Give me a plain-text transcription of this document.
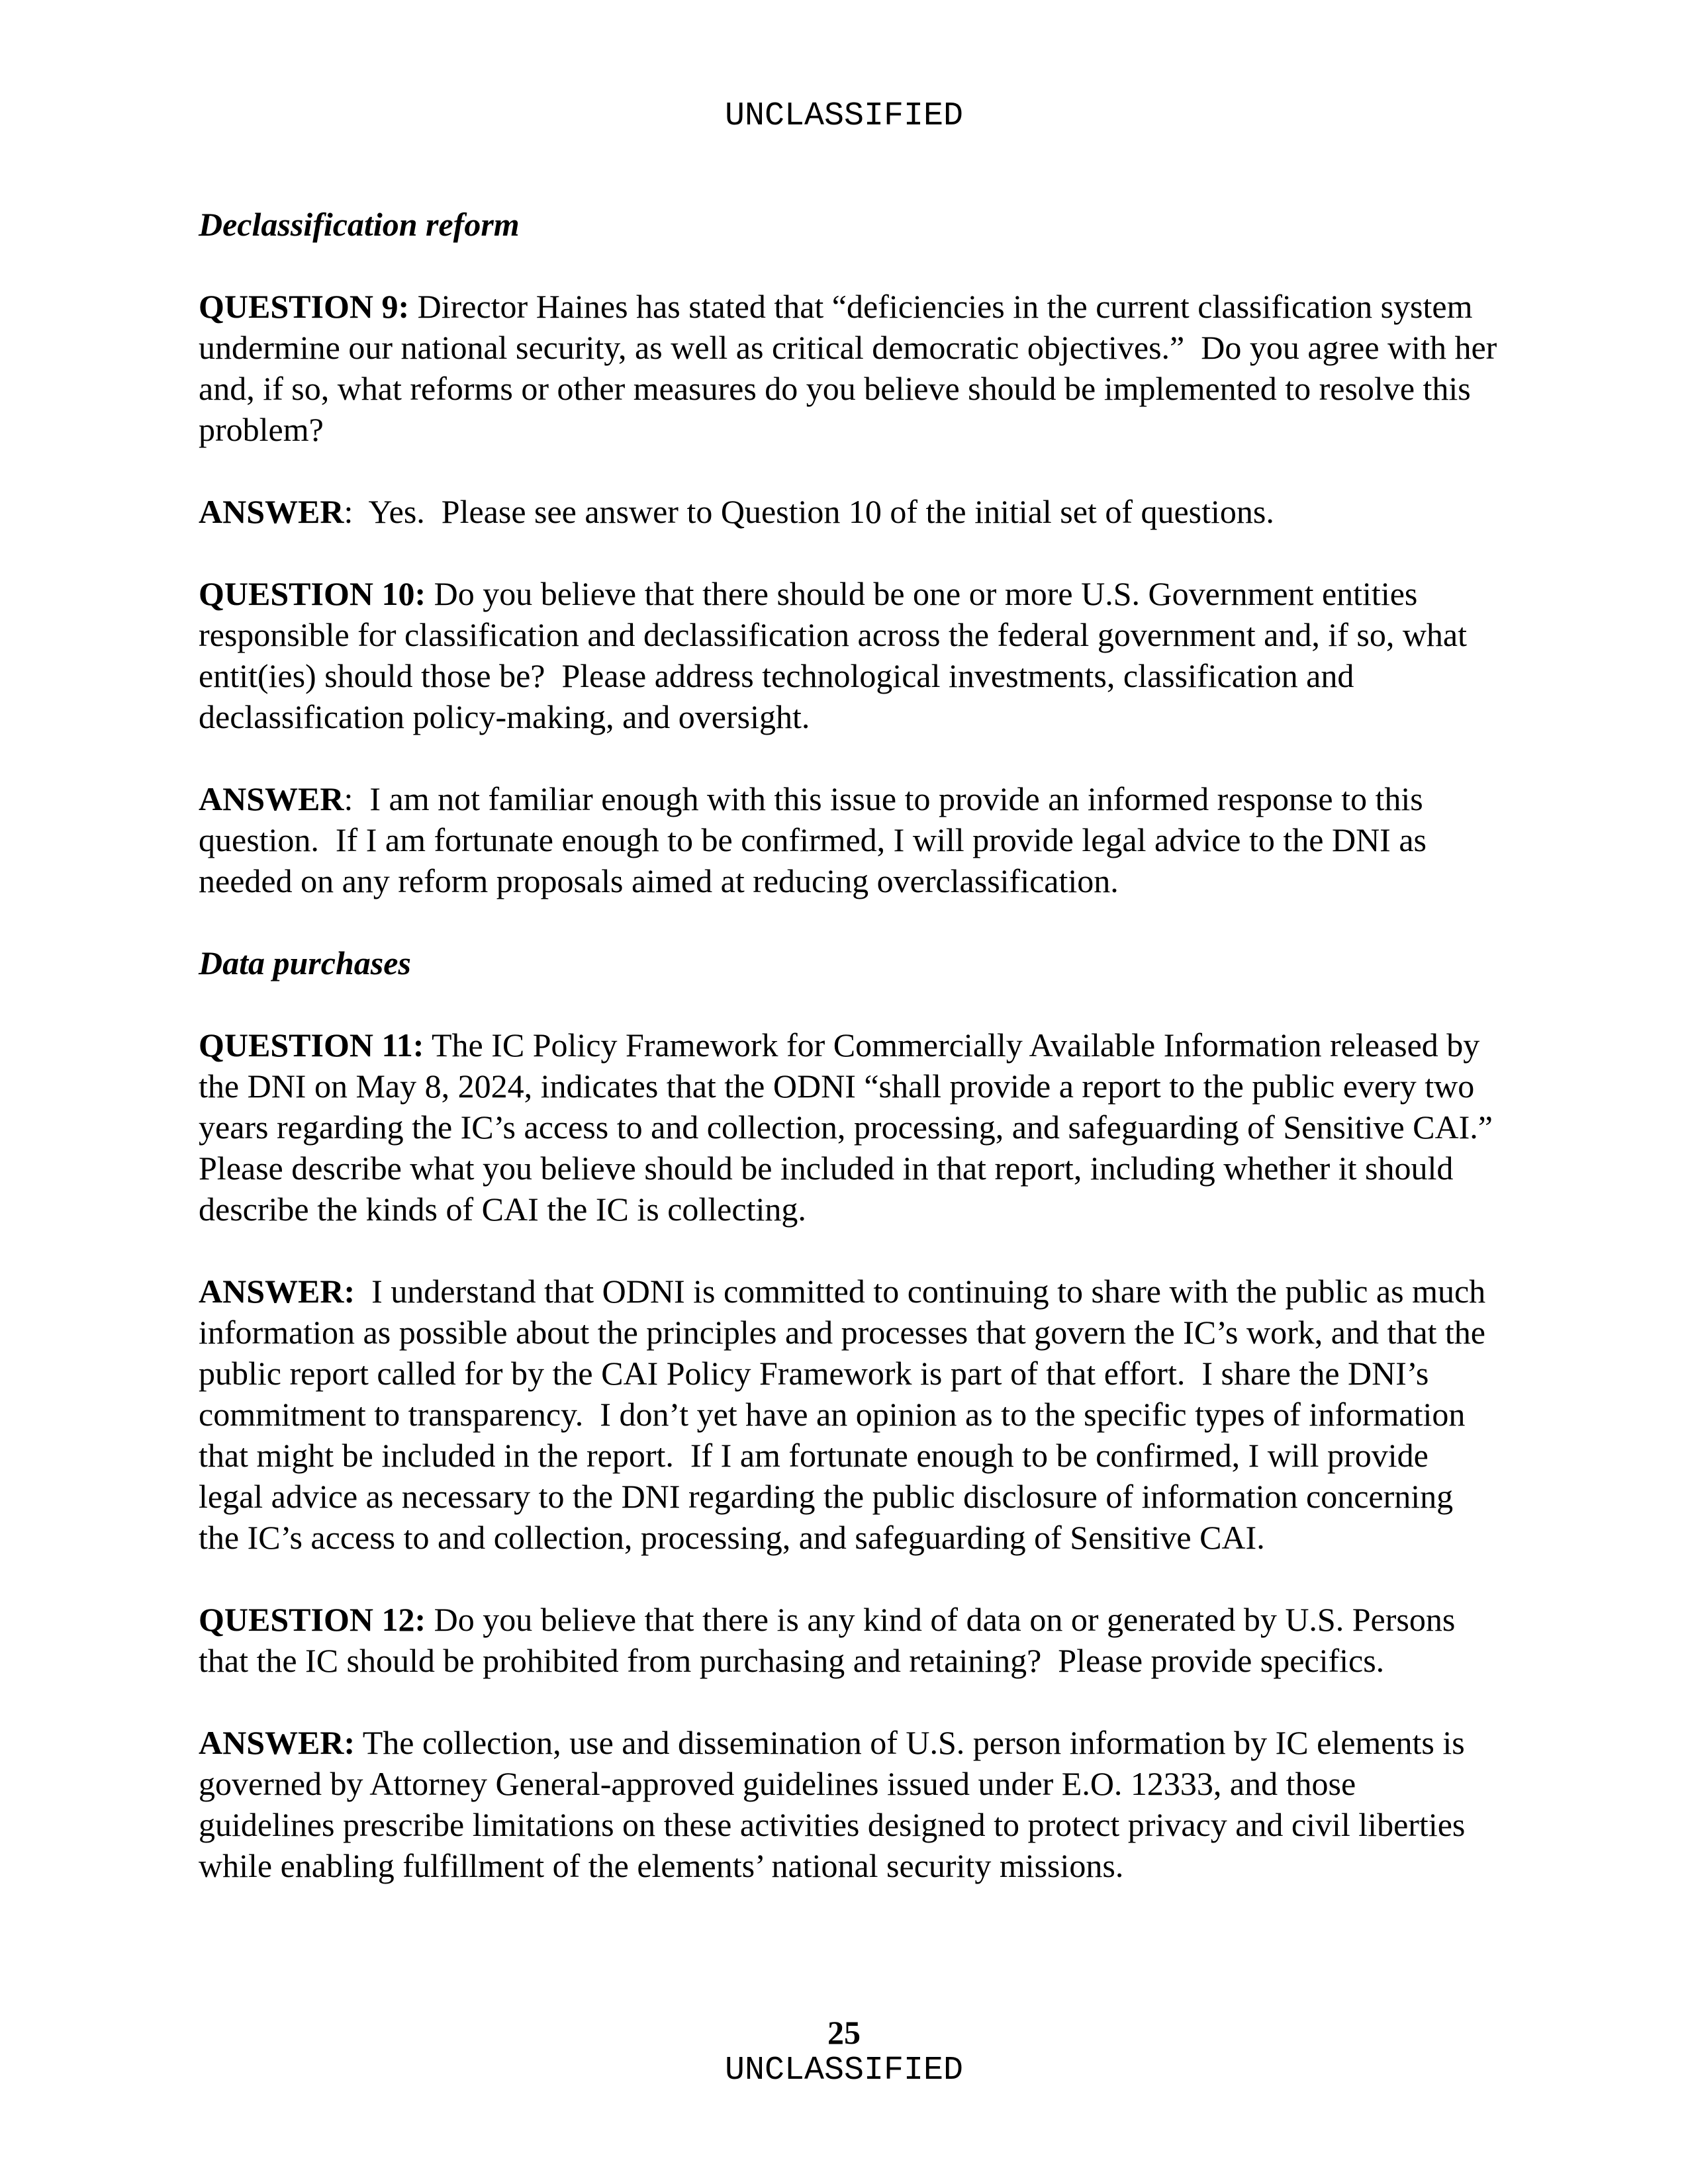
UNCLASSIFIED
Declassification reform

QUESTION 9: Director Haines has stated that “deficiencies in the current classification system undermine our national security, as well as critical democratic objectives.”  Do you agree with her and, if so, what reforms or other measures do you believe should be implemented to resolve this problem?

ANSWER:  Yes.  Please see answer to Question 10 of the initial set of questions.

QUESTION 10: Do you believe that there should be one or more U.S. Government entities responsible for classification and declassification across the federal government and, if so, what entit(ies) should those be?  Please address technological investments, classification and declassification policy-making, and oversight.

ANSWER:  I am not familiar enough with this issue to provide an informed response to this question.  If I am fortunate enough to be confirmed, I will provide legal advice to the DNI as needed on any reform proposals aimed at reducing overclassification.

Data purchases

QUESTION 11: The IC Policy Framework for Commercially Available Information released by the DNI on May 8, 2024, indicates that the ODNI “shall provide a report to the public every two years regarding the IC’s access to and collection, processing, and safeguarding of Sensitive CAI.”  Please describe what you believe should be included in that report, including whether it should describe the kinds of CAI the IC is collecting.

ANSWER:  I understand that ODNI is committed to continuing to share with the public as much information as possible about the principles and processes that govern the IC’s work, and that the public report called for by the CAI Policy Framework is part of that effort.  I share the DNI’s commitment to transparency.  I don’t yet have an opinion as to the specific types of information that might be included in the report.  If I am fortunate enough to be confirmed, I will provide legal advice as necessary to the DNI regarding the public disclosure of information concerning the IC’s access to and collection, processing, and safeguarding of Sensitive CAI.

QUESTION 12: Do you believe that there is any kind of data on or generated by U.S. Persons that the IC should be prohibited from purchasing and retaining?  Please provide specifics.

ANSWER: The collection, use and dissemination of U.S. person information by IC elements is governed by Attorney General-approved guidelines issued under E.O. 12333, and those guidelines prescribe limitations on these activities designed to protect privacy and civil liberties while enabling fulfillment of the elements’ national security missions.

25
UNCLASSIFIED
